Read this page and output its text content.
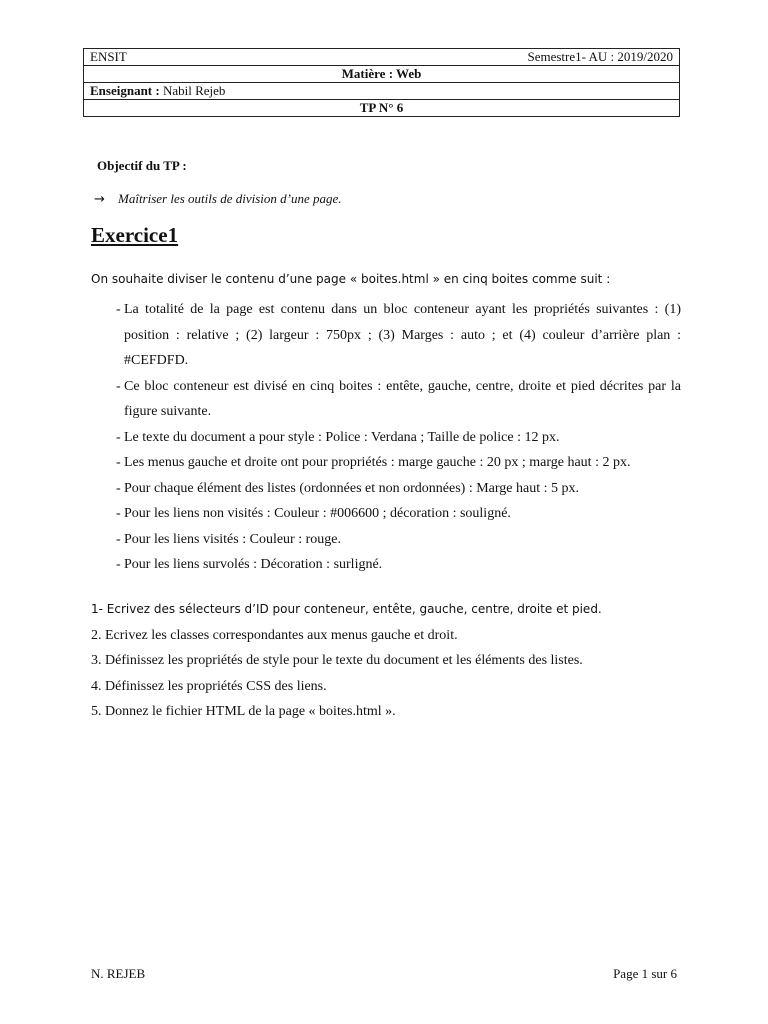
ENSIT	Semestre1- AU : 2019/2020

Matière : Web
Enseignant : Nabil Rejeb
TP N° 6
Objectif du TP :
→ Maîtriser les outils de division d’une page.
Exercice1
On souhaite diviser le contenu d’une page « boites.html » en cinq boites comme suit :
- La totalité de la page est contenu dans un bloc conteneur ayant les propriétés suivantes : (1) position : relative ; (2) largeur : 750px ; (3) Marges : auto ; et (4) couleur d’arrière plan : #CEFDFD.
- Ce bloc conteneur est divisé en cinq boites : entête, gauche, centre, droite et pied décrites par la figure suivante.
- Le texte du document a pour style : Police : Verdana ; Taille de police : 12 px.
- Les menus gauche et droite ont pour propriétés : marge gauche : 20 px ; marge haut : 2 px.
- Pour chaque élément des listes (ordonnées et non ordonnées) : Marge haut : 5 px.
- Pour les liens non visités : Couleur : #006600 ; décoration : souligné.
- Pour les liens visités : Couleur : rouge.
- Pour les liens survolés : Décoration : surligné.
1- Ecrivez des sélecteurs d’ID pour conteneur, entête, gauche, centre, droite et pied.
2. Ecrivez les classes correspondantes aux menus gauche et droit.
3. Définissez les propriétés de style pour le texte du document et les éléments des listes.
4. Définissez les propriétés CSS des liens.
5. Donnez le fichier HTML de la page « boites.html ».
N. REJEB	Page 1 sur 6
